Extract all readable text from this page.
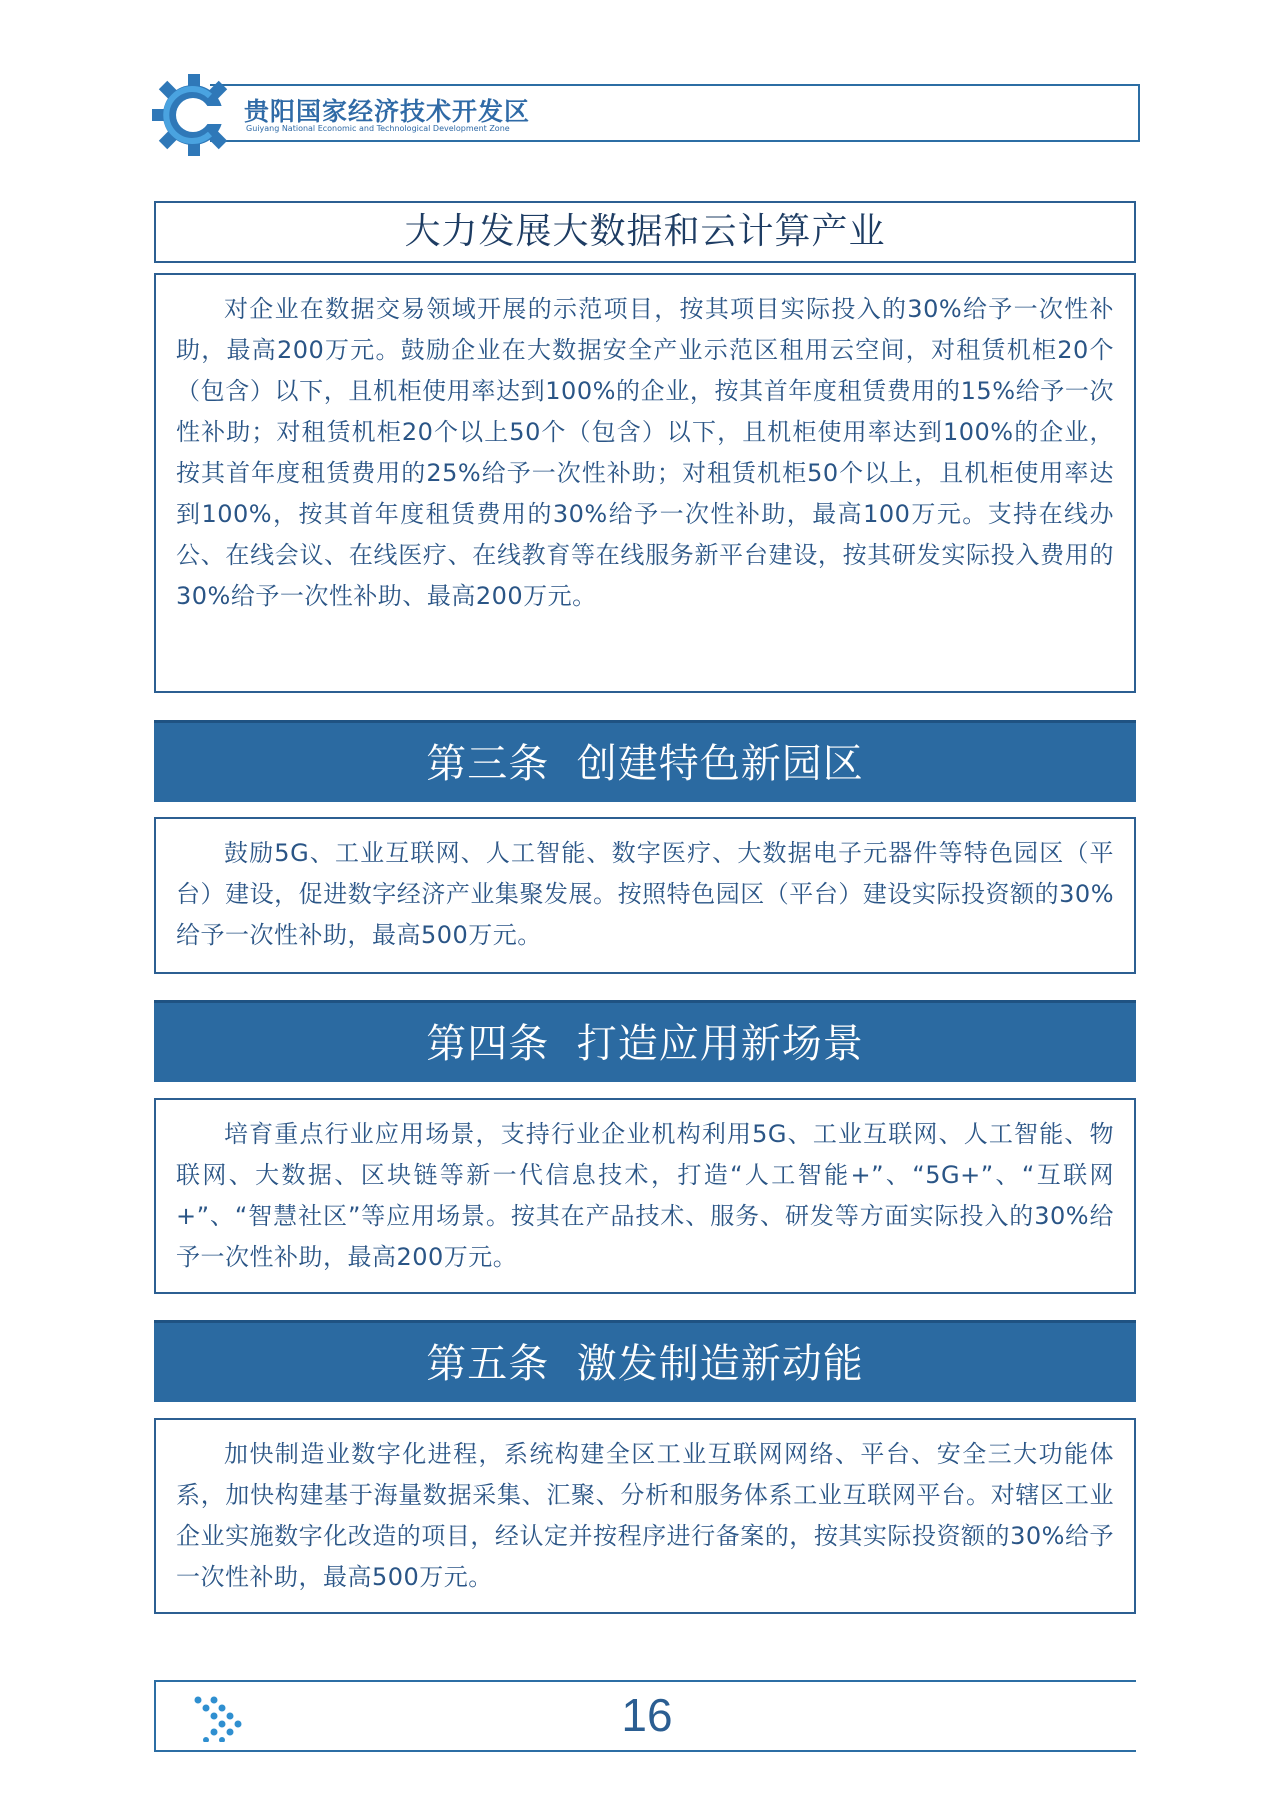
贵阳国家经济技术开发区
Guiyang National Economic and Technological Development Zone
大力发展大数据和云计算产业

对企业在数据交易领域开展的示范项目，按其项目实际投入的30%给予一次性补助，最高200万元。鼓励企业在大数据安全产业示范区租用云空间，对租赁机柜20个（包含）以下，且机柜使用率达到100%的企业，按其首年度租赁费用的15%给予一次性补助；对租赁机柜20个以上50个（包含）以下，且机柜使用率达到100%的企业，按其首年度租赁费用的25%给予一次性补助；对租赁机柜50个以上，且机柜使用率达到100%，按其首年度租赁费用的30%给予一次性补助，最高100万元。支持在线办公、在线会议、在线医疗、在线教育等在线服务新平台建设，按其研发实际投入费用的30%给予一次性补助、最高200万元。

第三条  创建特色新园区

鼓励5G、工业互联网、人工智能、数字医疗、大数据电子元器件等特色园区（平台）建设，促进数字经济产业集聚发展。按照特色园区（平台）建设实际投资额的30%给予一次性补助，最高500万元。

第四条  打造应用新场景

培育重点行业应用场景，支持行业企业机构利用5G、工业互联网、人工智能、物联网、大数据、区块链等新一代信息技术，打造“人工智能+”、“5G+”、“互联网+”、“智慧社区”等应用场景。按其在产品技术、服务、研发等方面实际投入的30%给予一次性补助，最高200万元。

第五条  激发制造新动能

加快制造业数字化进程，系统构建全区工业互联网网络、平台、安全三大功能体系，加快构建基于海量数据采集、汇聚、分析和服务体系工业互联网平台。对辖区工业企业实施数字化改造的项目，经认定并按程序进行备案的，按其实际投资额的30%给予一次性补助，最高500万元。

16
